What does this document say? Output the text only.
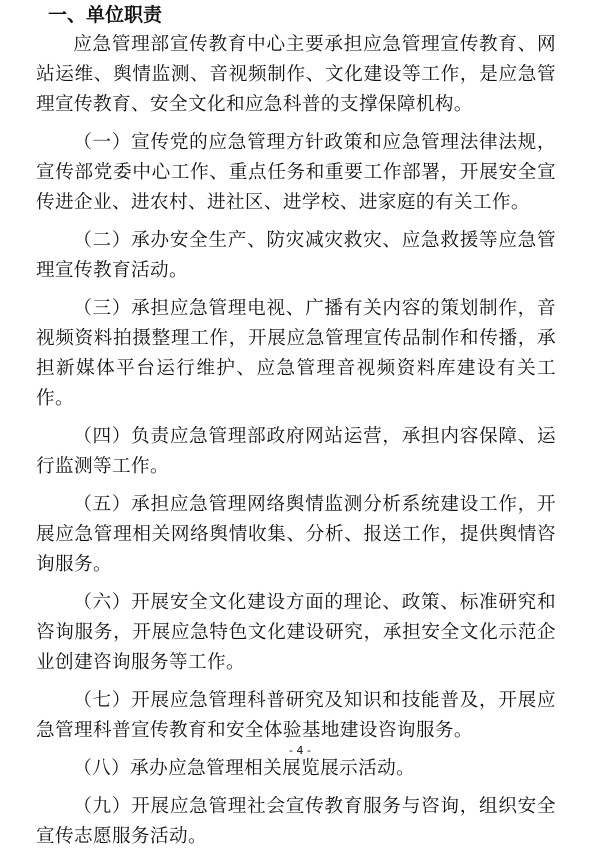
一、单位职责

应急管理部宣传教育中心主要承担应急管理宣传教育、网站运维、舆情监测、音视频制作、文化建设等工作，是应急管理宣传教育、安全文化和应急科普的支撑保障机构。

（一）宣传党的应急管理方针政策和应急管理法律法规，宣传部党委中心工作、重点任务和重要工作部署，开展安全宣传进企业、进农村、进社区、进学校、进家庭的有关工作。

（二）承办安全生产、防灾减灾救灾、应急救援等应急管理宣传教育活动。

（三）承担应急管理电视、广播有关内容的策划制作，音视频资料拍摄整理工作，开展应急管理宣传品制作和传播，承担新媒体平台运行维护、应急管理音视频资料库建设有关工作。

（四）负责应急管理部政府网站运营，承担内容保障、运行监测等工作。

（五）承担应急管理网络舆情监测分析系统建设工作，开展应急管理相关网络舆情收集、分析、报送工作，提供舆情咨询服务。

（六）开展安全文化建设方面的理论、政策、标准研究和咨询服务，开展应急特色文化建设研究，承担安全文化示范企业创建咨询服务等工作。

（七）开展应急管理科普研究及知识和技能普及，开展应急管理科普宣传教育和安全体验基地建设咨询服务。

（八）承办应急管理相关展览展示活动。

（九）开展应急管理社会宣传教育服务与咨询，组织安全宣传志愿服务活动。

- 4 -
